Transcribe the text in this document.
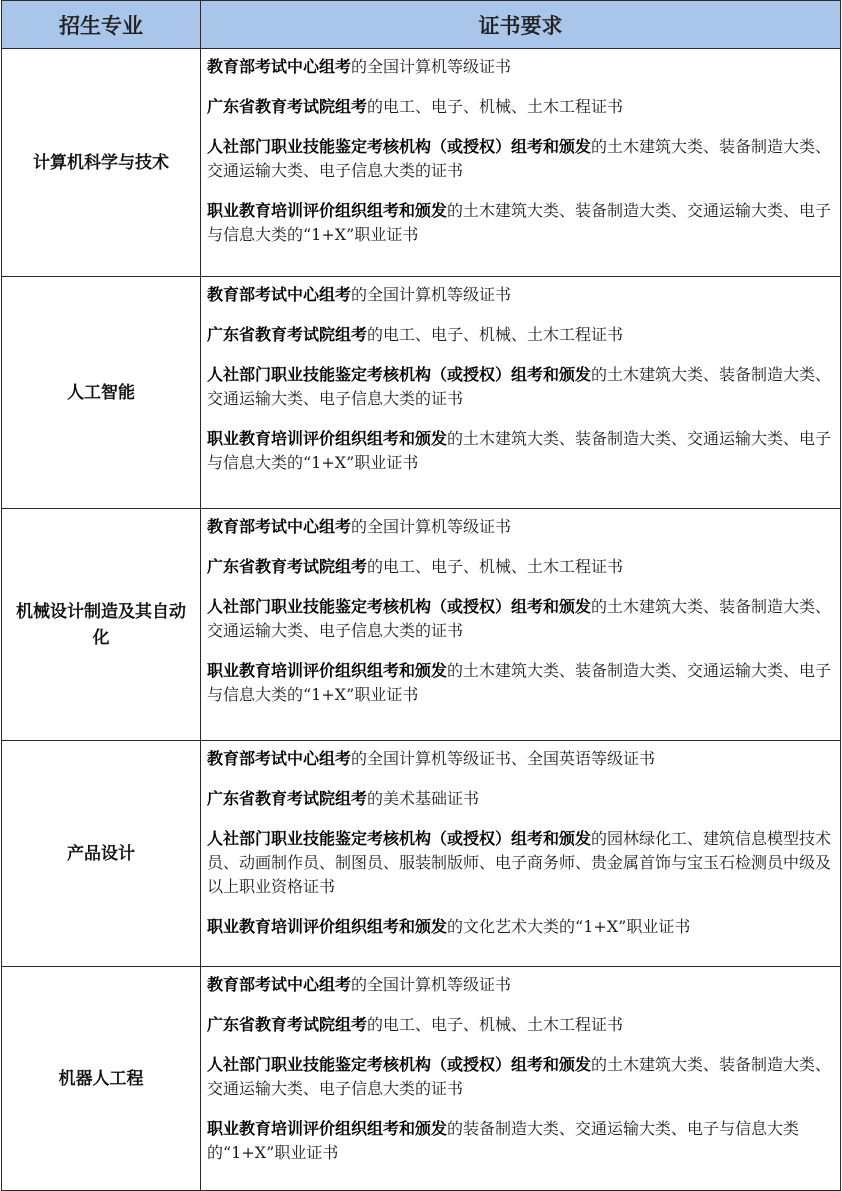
招生专业	证书要求
计算机科学与技术	教育部考试中心组考的全国计算机等级证书
广东省教育考试院组考的电工、电子、机械、土木工程证书
人社部门职业技能鉴定考核机构（或授权）组考和颁发的土木建筑大类、装备制造大类、交通运输大类、电子信息大类的证书
职业教育培训评价组织组考和颁发的土木建筑大类、装备制造大类、交通运输大类、电子与信息大类的“1+X”职业证书

人工智能	教育部考试中心组考的全国计算机等级证书
广东省教育考试院组考的电工、电子、机械、土木工程证书
人社部门职业技能鉴定考核机构（或授权）组考和颁发的土木建筑大类、装备制造大类、交通运输大类、电子信息大类的证书
职业教育培训评价组织组考和颁发的土木建筑大类、装备制造大类、交通运输大类、电子与信息大类的“1+X”职业证书

机械设计制造及其自动化	教育部考试中心组考的全国计算机等级证书
广东省教育考试院组考的电工、电子、机械、土木工程证书
人社部门职业技能鉴定考核机构（或授权）组考和颁发的土木建筑大类、装备制造大类、交通运输大类、电子信息大类的证书
职业教育培训评价组织组考和颁发的土木建筑大类、装备制造大类、交通运输大类、电子与信息大类的“1+X”职业证书

产品设计	教育部考试中心组考的全国计算机等级证书、全国英语等级证书
广东省教育考试院组考的美术基础证书
人社部门职业技能鉴定考核机构（或授权）组考和颁发的园林绿化工、建筑信息模型技术员、动画制作员、制图员、服装制版师、电子商务师、贵金属首饰与宝玉石检测员中级及以上职业资格证书
职业教育培训评价组织组考和颁发的文化艺术大类的“1+X”职业证书

机器人工程	教育部考试中心组考的全国计算机等级证书
广东省教育考试院组考的电工、电子、机械、土木工程证书
人社部门职业技能鉴定考核机构（或授权）组考和颁发的土木建筑大类、装备制造大类、交通运输大类、电子信息大类的证书
职业教育培训评价组织组考和颁发的装备制造大类、交通运输大类、电子与信息大类的“1+X”职业证书
